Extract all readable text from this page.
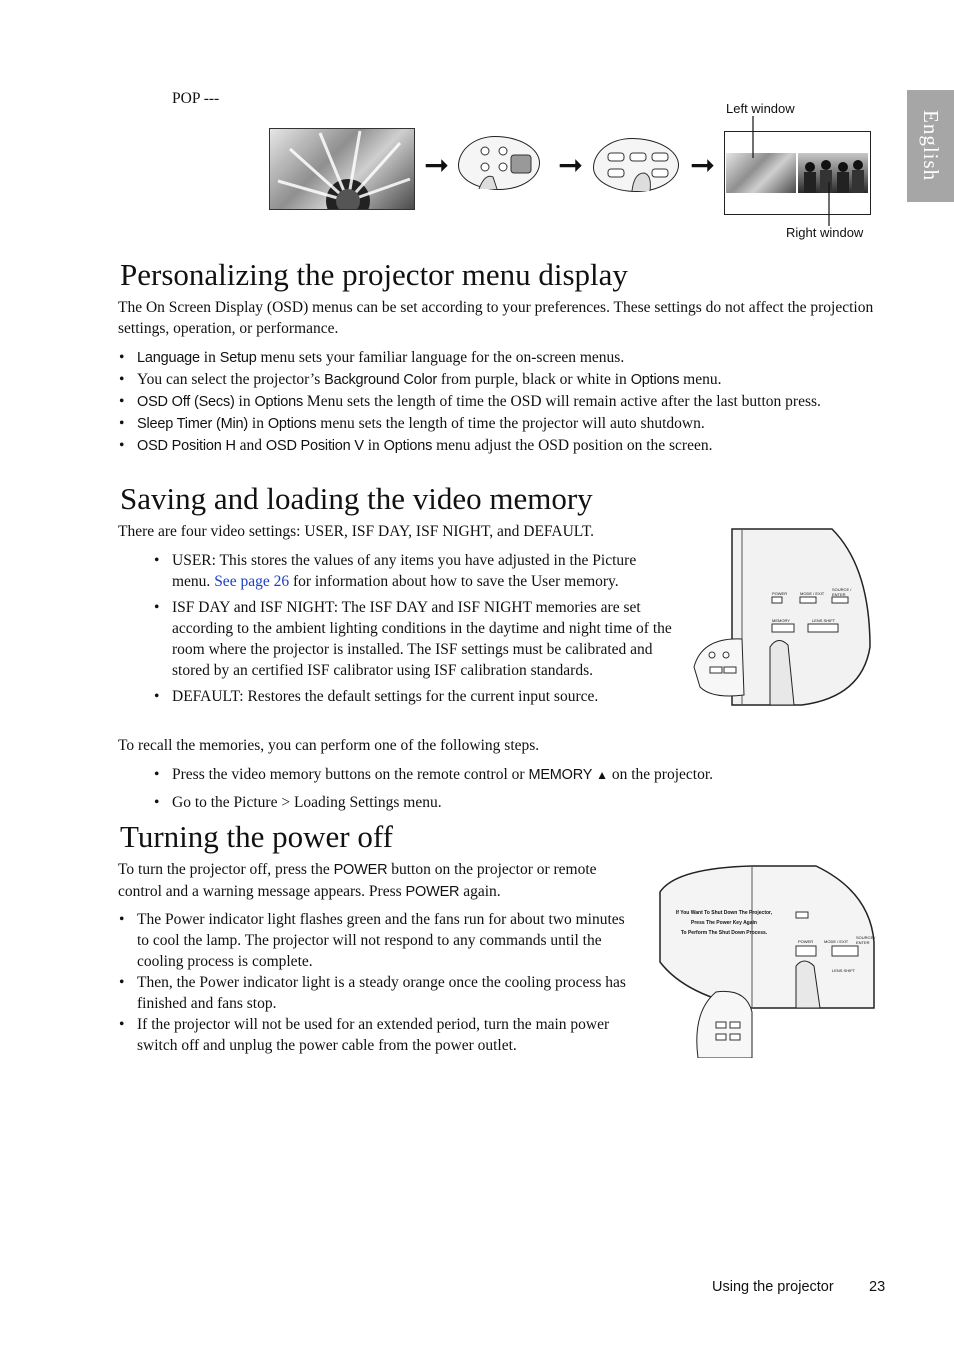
English
POP ---
➞	➞	➞
Left window
Right window
Personalizing the projector menu display
The On Screen Display (OSD) menus can be set according to your preferences. These settings do not affect the projection settings, operation, or performance.
• Language in Setup menu sets your familiar language for the on-screen menus.
• You can select the projector’s Background Color from purple, black or white in Options menu.
• OSD Off (Secs) in Options Menu sets the length of time the OSD will remain active after the last button press.
• Sleep Timer (Min) in Options menu sets the length of time the projector will auto shutdown.
• OSD Position H and OSD Position V in Options menu adjust the OSD position on the screen.
Saving and loading the video memory
There are four video settings: USER, ISF DAY, ISF NIGHT, and DEFAULT.
• USER: This stores the values of any items you have adjusted in the Picture menu. See page 26 for information about how to save the User memory.
• ISF DAY and ISF NIGHT: The ISF DAY and ISF NIGHT memories are set according to the ambient lighting conditions in the daytime and night time of the room where the projector is installed. The ISF settings must be calibrated and stored by an certified ISF calibrator using ISF calibration standards.
• DEFAULT: Restores the default settings for the current input source.
To recall the memories, you can perform one of the following steps.
• Press the video memory buttons on the remote control or MEMORY ▲ on the projector.
• Go to the Picture > Loading Settings menu.
POWER	MODE / EXIT
SOURCE / ENTER
MEMORY	LENS SHIFT
Turning the power off
To turn the projector off, press the POWER button on the projector or remote control and a warning message appears. Press POWER again.
• The Power indicator light flashes green and the fans run for about two minutes to cool the lamp. The projector will not respond to any commands until the cooling process is complete.
• Then, the Power indicator light is a steady orange once the cooling process has finished and fans stop.
• If the projector will not be used for an extended period, turn the main power switch off and unplug the power cable from the power outlet.
If You Want To Shut Down The Projector,
Press The Power Key Again
To Perform The Shut Down Process.
POWER	MODE / EXIT
SOURCE / ENTER
LENS SHIFT
Using the projector 23
